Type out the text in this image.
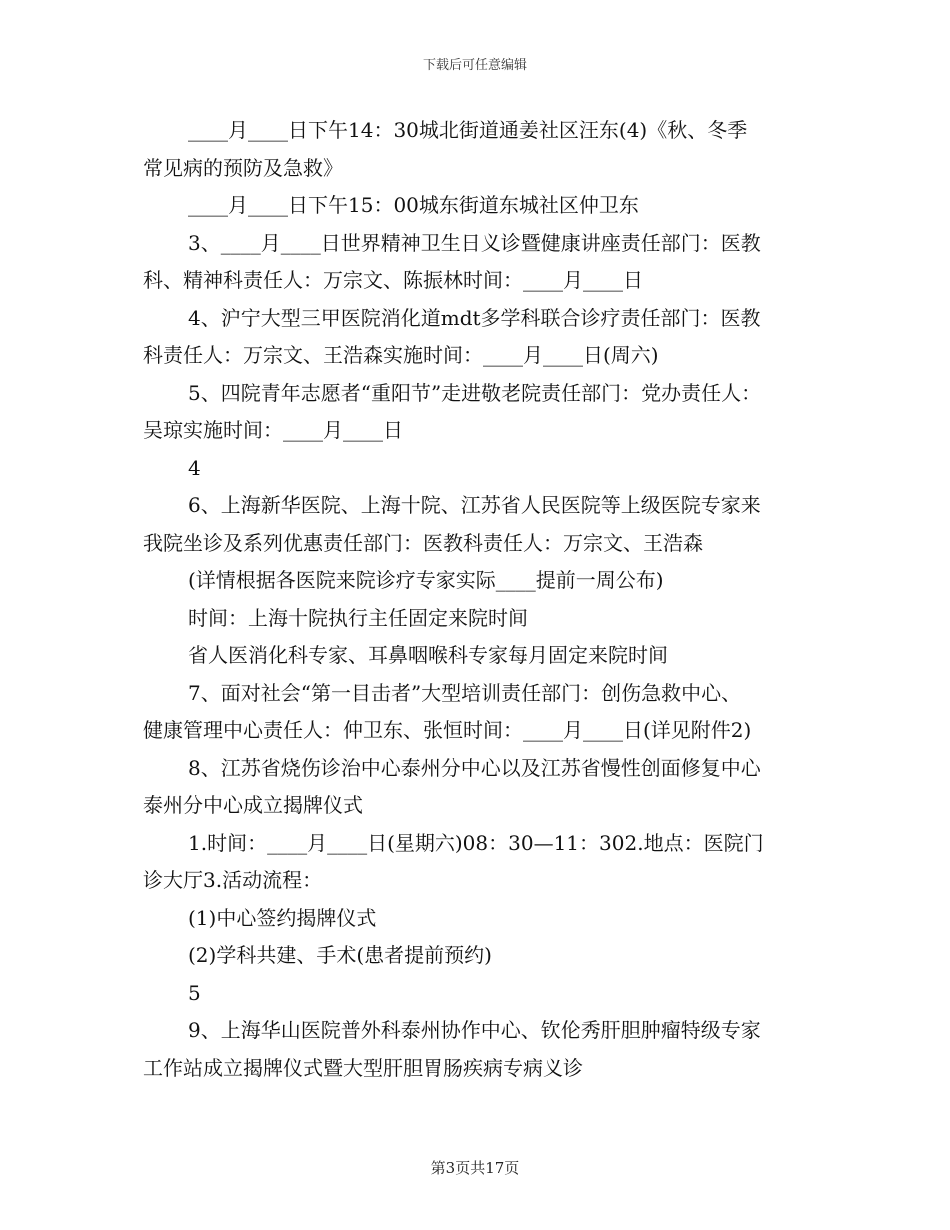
下载后可任意编辑
____月____日下午14：30城北街道通姜社区汪东(4)《秋、冬季
常见病的预防及急救》
____月____日下午15：00城东街道东城社区仲卫东
3、____月____日世界精神卫生日义诊暨健康讲座责任部门：医教
科、精神科责任人：万宗文、陈振林时间：____月____日
4、沪宁大型三甲医院消化道mdt多学科联合诊疗责任部门：医教
科责任人：万宗文、王浩森实施时间：____月____日(周六)
5、四院青年志愿者“重阳节”走进敬老院责任部门：党办责任人：
吴琼实施时间：____月____日
4
6、上海新华医院、上海十院、江苏省人民医院等上级医院专家来
我院坐诊及系列优惠责任部门：医教科责任人：万宗文、王浩森
(详情根据各医院来院诊疗专家实际____提前一周公布)
时间：上海十院执行主任固定来院时间
省人医消化科专家、耳鼻咽喉科专家每月固定来院时间
7、面对社会“第一目击者”大型培训责任部门：创伤急救中心、
健康管理中心责任人：仲卫东、张恒时间：____月____日(详见附件2)
8、江苏省烧伤诊治中心泰州分中心以及江苏省慢性创面修复中心
泰州分中心成立揭牌仪式
1.时间：____月____日(星期六)08：30—11：302.地点：医院门
诊大厅3.活动流程：
(1)中心签约揭牌仪式
(2)学科共建、手术(患者提前预约)
5
9、上海华山医院普外科泰州协作中心、钦伦秀肝胆肿瘤特级专家
工作站成立揭牌仪式暨大型肝胆胃肠疾病专病义诊
第3页共17页
